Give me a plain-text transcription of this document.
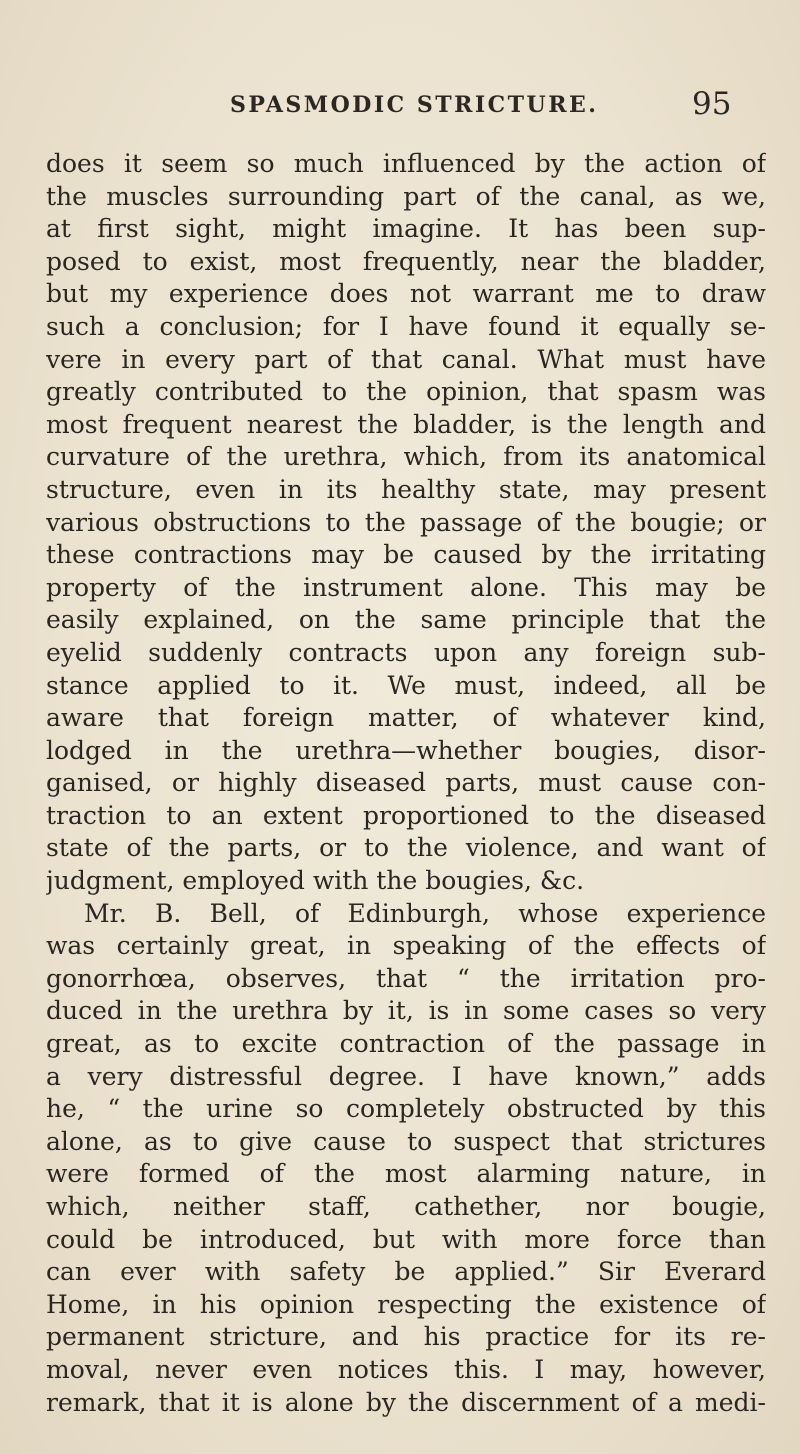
SPASMODIC STRICTURE.	95
does it seem so much influenced by the action of
the muscles surrounding part of the canal, as we,
at first sight, might imagine. It has been sup-
posed to exist, most frequently, near the bladder,
but my experience does not warrant me to draw
such a conclusion; for I have found it equally se-
vere in every part of that canal. What must have
greatly contributed to the opinion, that spasm was
most frequent nearest the bladder, is the length and
curvature of the urethra, which, from its anatomical
structure, even in its healthy state, may present
various obstructions to the passage of the bougie; or
these contractions may be caused by the irritating
property of the instrument alone. This may be
easily explained, on the same principle that the
eyelid suddenly contracts upon any foreign sub-
stance applied to it. We must, indeed, all be
aware that foreign matter, of whatever kind,
lodged in the urethra—whether bougies, disor-
ganised, or highly diseased parts, must cause con-
traction to an extent proportioned to the diseased
state of the parts, or to the violence, and want of
judgment, employed with the bougies, &c.
Mr. B. Bell, of Edinburgh, whose experience
was certainly great, in speaking of the effects of
gonorrhœa, observes, that “ the irritation pro-
duced in the urethra by it, is in some cases so very
great, as to excite contraction of the passage in
a very distressful degree. I have known,” adds
he, “ the urine so completely obstructed by this
alone, as to give cause to suspect that strictures
were formed of the most alarming nature, in
which, neither staff, cathether, nor bougie,
could be introduced, but with more force than
can ever with safety be applied.” Sir Everard
Home, in his opinion respecting the existence of
permanent stricture, and his practice for its re-
moval, never even notices this. I may, however,
remark, that it is alone by the discernment of a medi-
